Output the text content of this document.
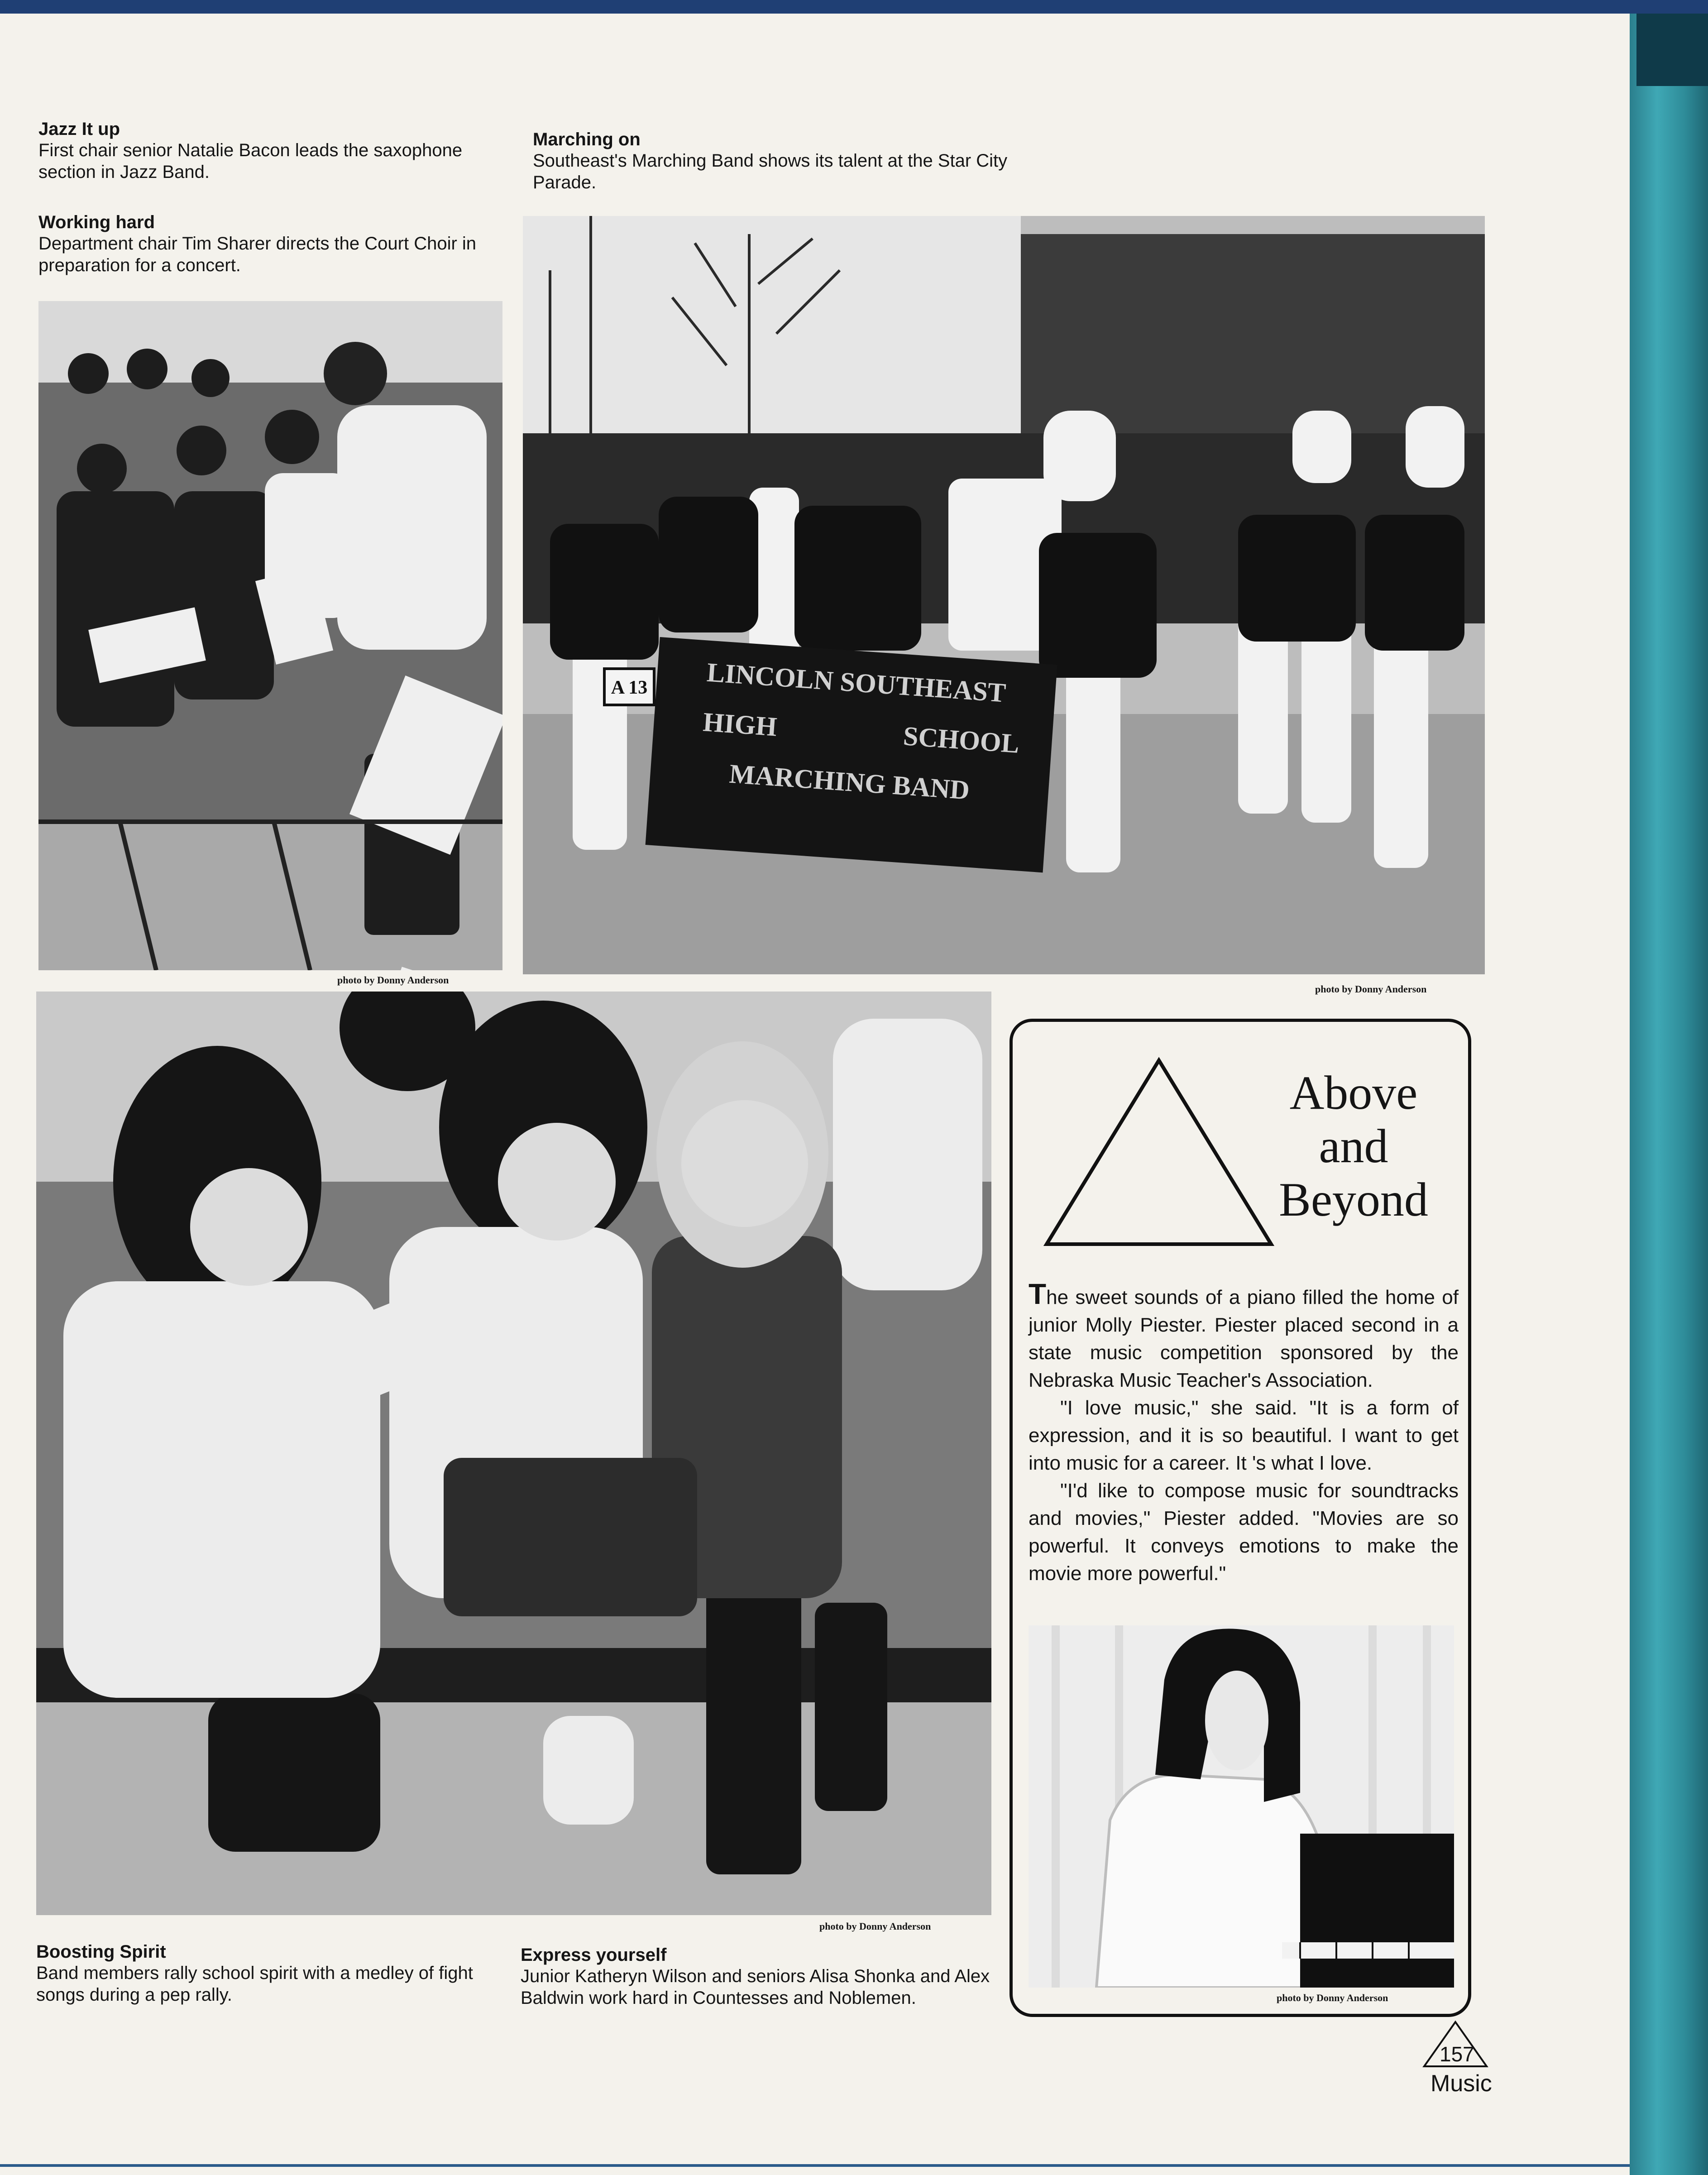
Jazz It up
First chair senior Natalie Bacon leads the saxophone section in Jazz Band.
Working hard
Department chair Tim Sharer directs the Court Choir in preparation for a concert.
Marching on
Southeast's Marching Band shows its talent at the Star City Parade.
photo by Donny Anderson
LINCOLN SOUTHEAST
HIGH	SCHOOL
MARCHING BAND
A 13
photo by Donny Anderson
photo by Donny Anderson
Boosting Spirit
Band members rally school spirit with a medley of fight songs during a pep rally.
Express yourself
Junior Katheryn Wilson and seniors Alisa Shonka and Alex Baldwin work hard in Countesses and Noblemen.
Above
and
Beyond

The sweet sounds of a piano filled the home of junior Molly Piester. Piester placed second in a state music competition sponsored by the Nebraska Music Teacher's Association.

"I love music," she said. "It is a form of expression, and it is so beautiful. I want to get into music for a career. It 's what I love.

"I'd like to compose music for soundtracks and movies," Piester added. "Movies are so powerful. It conveys emotions to make the movie more powerful."

photo by Donny Anderson
157
Music
